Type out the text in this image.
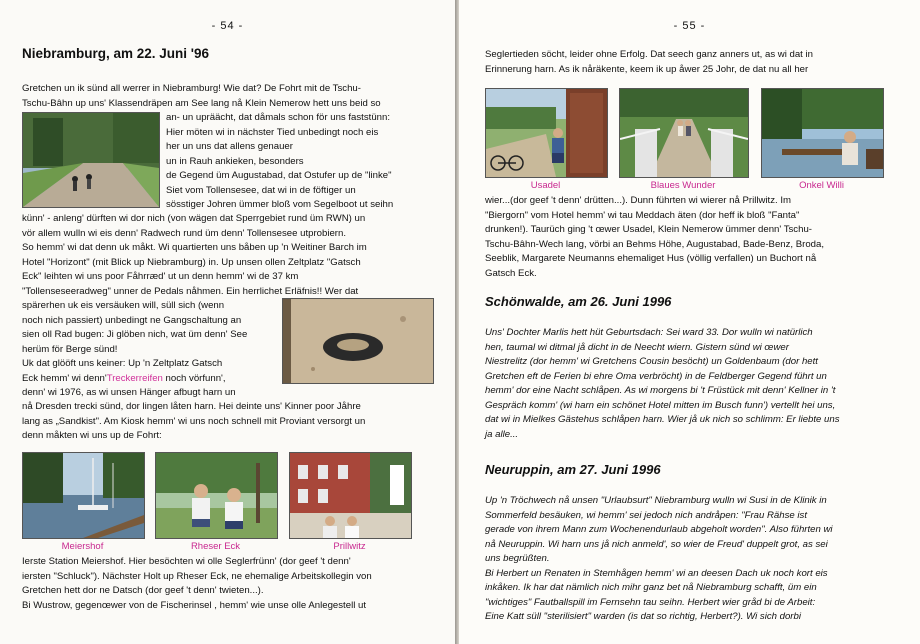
- 54 -
Niebramburg, am 22. Juni '96
Gretchen un ik sünd all werrer in Niebramburg! Wie dat? De Fohrt mit de Tschu-
Tschu-Bâhn up uns' Klassendräpen am See lang nå Klein Nemerow hett uns beid so
an- un upräächt, dat dåmals schon för uns faststünn:
Hier möten wi in nächster Tied unbedingt noch eis
her un uns dat allens genauer
un in Rauh ankieken, besonders
de Gegend üm Augustabad, dat Ostufer up de "linke"
Siet vom Tollensesee, dat wi in de föftiger un
sösstiger Johren ümmer bloß vom Segelboot ut seihn
künn' - anleng' dürften wi dor nich (von wägen dat Sperrgebiet rund üm RWN) un
vör allem wulln wi eis denn' Radwech rund üm denn' Tollensesee utprobiern.
So hemm' wi dat denn uk måkt. Wi quartierten uns båben up 'n Weitiner Barch im
Hotel "Horizont" (mit Blick up Niebramburg) in. Up unsen ollen Zeltplatz "Gatsch
Eck" leihten wi uns poor Fåhrræd' ut un denn hemm' wi de 37 km
"Tollenseseeradweg" unner de Pedals nåhmen. Ein herrlichet Erläfnis!! Wer dat
spärerhen uk eis versäuken will, süll sich (wenn
noch nich passiert) unbedingt ne Gangschaltung an
sien oll Rad bugen: Ji glöben nich, wat üm denn' See
herüm för Berge sünd!
Uk dat glööft uns keiner: Up 'n Zeltplatz Gatsch
Eck hemm' wi denn'Treckerreifen noch vörfunn',
denn' wi 1976, as wi unsen Hänger afbugt harn un
nå Dresden trecki sünd, dor lingen låten harn. Hei deinte uns' Kinner poor Jåhre
lang as „Sandkist". Am Kiosk hemm' wi uns noch schnell mit Proviant versorgt un
denn måkten wi uns up de Fohrt:
Meiershof	Rheser Eck	Prillwitz
Ierste Station Meiershof. Hier besöchten wi olle Seglerfrünn' (dor geef 't denn'
iersten "Schluck"). Nächster Holt up Rheser Eck, ne ehemalige Arbeitskollegin von
Gretchen hett dor ne Datsch (dor geef 't denn' twieten...).
Bi Wustrow, gegenœwer von de Fischerinsel , hemm' wie unse olle Anlegestell ut
- 55 -
Seglertieden söcht, leider ohne Erfolg. Dat seech ganz anners ut, as wi dat in
Erinnerung harn. As ik nåräkente, keem ik up åwer 25 Johr, de dat nu all her
Usadel	Blaues Wunder	Onkel Willi
wier...(dor geef 't denn' drütten...). Dunn führten wi wierer nå Prillwitz. Im
"Biergorn" vom Hotel hemm' wi tau Meddach äten (dor heff ik bloß "Fanta"
drunken!). Taurüch ging 't œwer Usadel, Klein Nemerow ümmer denn' Tschu-
Tschu-Bâhn-Wech lang, vörbi an Behms Höhe, Augustabad, Bade-Benz, Broda,
Seeblik, Margarete Neumanns ehemaliget Hus (völlig verfallen) un Buchort nå
Gatsch Eck.
Schönwalde, am 26. Juni 1996
Uns' Dochter Marlis hett hüt Geburtsdach: Sei ward 33. Dor wulln wi natürlich
hen, taumal wi ditmal jå dicht in de Neecht wiern. Gistern sünd wi œwer
Niestrelitz (dor hemm' wi Gretchens Cousin besöcht) un Goldenbaum (dor hett
Gretchen eft de Ferien bi ehre Oma verbröcht) in de Feldberger Gegend führt un
hemm' dor eine Nacht schlåpen. As wi morgens bi 't Früstück mit denn' Kellner in 't
Gespräch komm' (wi harn ein schönet Hotel mitten im Busch funn') vertellt hei uns,
dat wi in Mielkes Gästehus schlåpen harn. Wier jå uk nich so schlimm: Er liebte uns
ja alle...
Neuruppin, am 27. Juni 1996
Up 'n Tröchwech nå unsen "Urlaubsurt" Niebramburg wulln wi Susi in de Klinik in
Sommerfeld besäuken, wi hemm' sei jedoch nich andråpen: "Frau Rähse ist
gerade von ihrem Mann zum Wochenendurlaub abgeholt worden". Also führten wi
nå Neuruppin. Wi harn uns jå nich anmeld', so wier de Freud' duppelt grot, as sei
uns begrüßten.
Bi Herbert un Renaten in Stemhågen hemm' wi an deesen Dach uk noch kort eis
inkåken. Ik har dat nämlich nich mihr ganz bet nå Niebramburg schafft, üm ein
"wichtiges" Fautballspill im Fernsehn tau seihn. Herbert wier gråd bi de Arbeit:
Eine Katt süll "sterilisiert" warden (is dat so richtig, Herbert?). Wi sich dorbi
